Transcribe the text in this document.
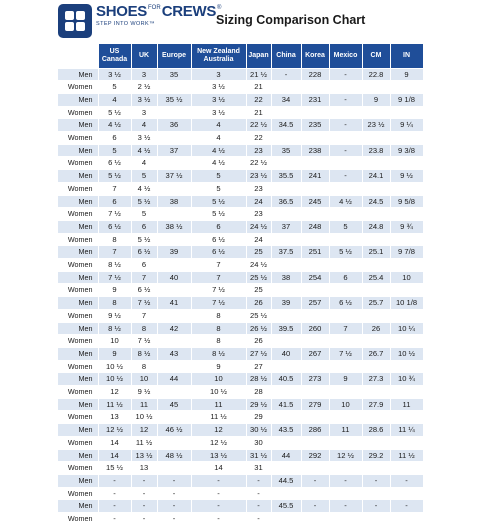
$SHOES^{FOR}CREWS®$
STEP INTO WORK™	Sizing Comparison Chart
	US Canada	UK	Europe	New Zealand Australia	Japan	China	Korea	Mexico	CM	IN
Men	3 ½	3	35	3	21 ½	-	228	-	22.8	9
Women	5	2 ½		3 ½	21					
Men	4	3 ½	35 ½	3 ½	22	34	231	-	9	9 1/8
Women	5 ½	3		3 ½	21					
Men	4 ½	4	36	4	22 ½	34.5	235	-	23 ½	9 ¼
Women	6	3 ½		4	22					
Men	5	4 ½	37	4 ½	23	35	238	-	23.8	9 3/8
Women	6 ½	4		4 ½	22 ½					
Men	5 ½	5	37 ½	5	23 ½	35.5	241	-	24.1	9 ½
Women	7	4 ½		5	23					
Men	6	5 ½	38	5 ½	24	36.5	245	4 ½	24.5	9 5/8
Women	7 ½	5		5 ½	23					
Men	6 ½	6	38 ½	6	24 ½	37	248	5	24.8	9 ¾
Women	8	5 ½		6 ½	24					
Men	7	6 ½	39	6 ½	25	37.5	251	5 ½	25.1	9 7/8
Women	8 ½	6		7	24 ½					
Men	7 ½	7	40	7	25 ½	38	254	6	25.4	10
Women	9	6 ½		7 ½	25					
Men	8	7 ½	41	7 ½	26	39	257	6 ½	25.7	10 1/8
Women	9 ½	7		8	25 ½					
Men	8 ½	8	42	8	26 ½	39.5	260	7	26	10 ¼
Women	10	7 ½		8	26					
Men	9	8 ½	43	8 ½	27 ½	40	267	7 ½	26.7	10 ½
Women	10 ½	8		9	27					
Men	10 ½	10	44	10	28 ½	40.5	273	9	27.3	10 ¾
Women	12	9 ½		10 ½	28					
Men	11 ½	11	45	11	29 ½	41.5	279	10	27.9	11
Women	13	10 ½		11 ½	29					
Men	12 ½	12	46 ½	12	30 ½	43.5	286	11	28.6	11 ¼
Women	14	11 ½		12 ½	30					
Men	14	13 ½	48 ½	13 ½	31 ½	44	292	12 ½	29.2	11 ½
Women	15 ½	13		14	31					
Men	-	-	-	-	-	44.5	-	-	-	-
Women	-	-	-	-	-					
Men	-	-	-	-	-	45.5	-	-	-	-
Women	-	-	-	-	-					
